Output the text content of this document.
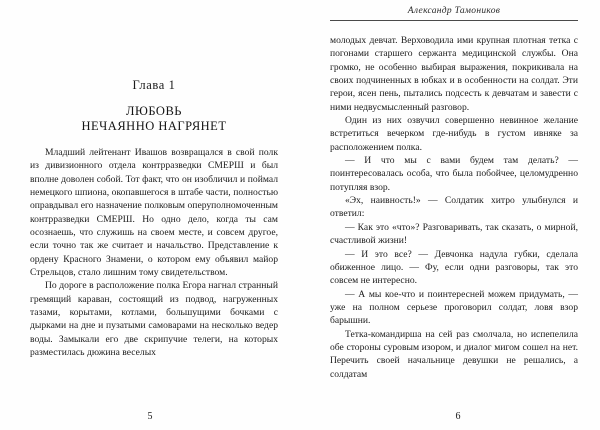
Глава 1
ЛЮБОВЬ
НЕЧАЯННО НАГРЯНЕТ

Младший лейтенант Ивашов возвращался в свой полк из дивизионного отдела контрразведки СМЕРШ и был вполне доволен собой. Тот факт, что он изобличил и поймал немецкого шпиона, окопавшегося в штабе части, полностью оправдывал его назначение полковым оперуполномоченным контрразведки СМЕРШ. Но одно дело, когда ты сам осознаешь, что служишь на своем месте, и совсем другое, если точно так же считает и начальство. Представление к ордену Красного Знамени, о котором ему объявил майор Стрельцов, стало лишним тому свидетельством.

По дороге в расположение полка Егора нагнал странный гремящий караван, состоящий из подвод, нагруженных тазами, корытами, котлами, большущими бочками с дырками на дне и пузатыми самоварами на несколько ведер воды. Замыкали его две скрипучие телеги, на которых разместилась дюжина веселых

5
Александр Тамоников

молодых девчат. Верховодила ими крупная плотная тетка с погонами старшего сержанта медицинской службы. Она громко, не особенно выбирая выражения, покрикивала на своих подчиненных в юбках и в особенности на солдат. Эти герои, ясен пень, пытались подсесть к девчатам и завести с ними недвусмысленный разговор.

Один из них озвучил совершенно невинное желание встретиться вечерком где-нибудь в густом ивняке за расположением полка.

— И что мы с вами будем там делать? — поинтересовалась особа, что была побойчее, целомудренно потупляя взор.

«Эх, наивность!» — Солдатик хитро улыбнулся и ответил:

— Как это «что»? Разговаривать, так сказать, о мирной, счастливой жизни!

— И это все? — Девчонка надула губки, сделала обиженное лицо. — Фу, если одни разговоры, так это совсем не интересно.

— А мы кое-что и поинтересней можем придумать, — уже на полном серьезе проговорил солдат, ловя взор барышни.

Тетка-командирша на сей раз смолчала, но испепелила обе стороны суровым изором, и диалог мигом сошел на нет. Перечить своей начальнице девушки не решались, а солдатам

6
